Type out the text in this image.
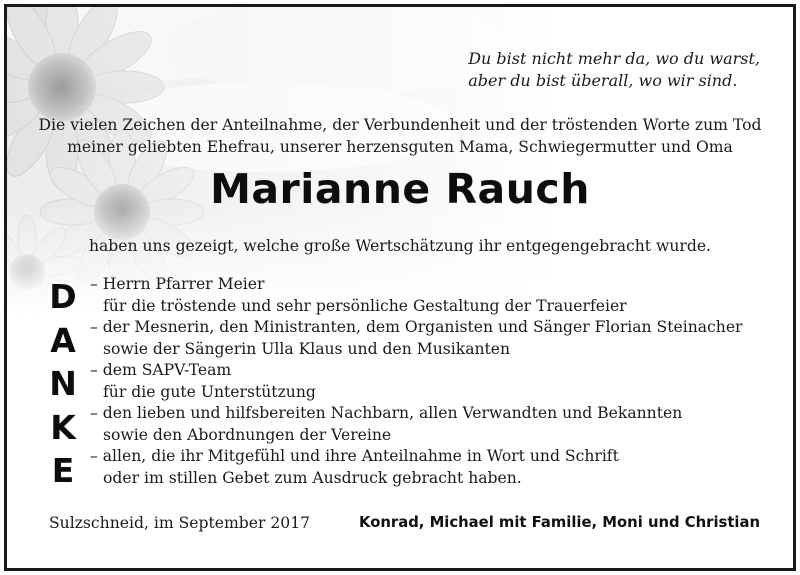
Du bist nicht mehr da, wo du warst,
aber du bist überall, wo wir sind.
Die vielen Zeichen der Anteilnahme, der Verbundenheit und der tröstenden Worte zum Tod
meiner geliebten Ehefrau, unserer herzensguten Mama, Schwiegermutter und Oma
Marianne Rauch
haben uns gezeigt, welche große Wertschätzung ihr entgegengebracht wurde.
D
A
N
K
E
– Herrn Pfarrer Meier
für die tröstende und sehr persönliche Gestaltung der Trauerfeier
– der Mesnerin, den Ministranten, dem Organisten und Sänger Florian Steinacher
sowie der Sängerin Ulla Klaus und den Musikanten
– dem SAPV-Team
für die gute Unterstützung
– den lieben und hilfsbereiten Nachbarn, allen Verwandten und Bekannten
sowie den Abordnungen der Vereine
– allen, die ihr Mitgefühl und ihre Anteilnahme in Wort und Schrift
oder im stillen Gebet zum Ausdruck gebracht haben.
Sulzschneid, im September 2017	Konrad, Michael mit Familie, Moni und Christian
